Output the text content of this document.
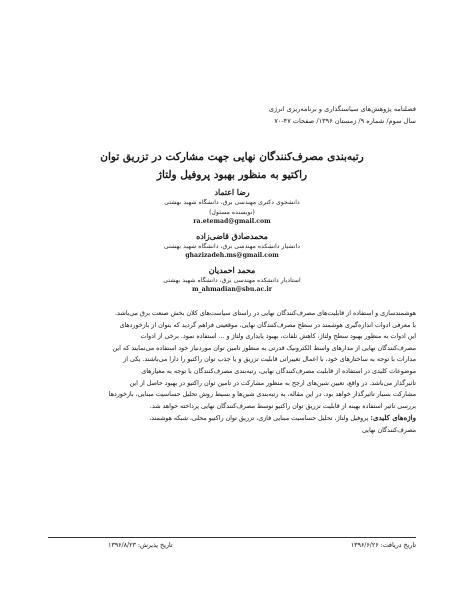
فصلنامه پژوهش‌های سیاستگذاری و برنامه‌ریزی انرژی
سال سوم/ شماره ۹/ زمستان ۱۳۹۶/ صفحات ۴۷-۷۰
رتبه‌بندی مصرف‌کنندگان نهایی جهت مشارکت در تزریق توان
راکتیو به منظور بهبود پروفیل ولتاژ
رضا اعتماد
دانشجوی دکتری مهندسی برق، دانشگاه شهید بهشتی
(نویسنده مسئول)
ra.etemad@gmail.com
محمدصادق قاضی‌زاده
دانشیار دانشکده مهندسی برق، دانشگاه شهید بهشتی
ghazizadeh.ms@gmail.com
محمد احمدیان
استادیار دانشکده مهندسی برق، دانشگاه شهید بهشتی
m_ahmadian@sbu.ac.ir
هوشمندسازی و استفاده از قابلیت‌های مصرف‌کنندگان نهایی در راستای سیاست‌های کلان بخش صنعت برق می‌باشد.
با معرفی ادوات اندازه‌گیری هوشمند در سطح مصرف‌کنندگان نهایی، موقعیتی فراهم گردید که بتوان از بازخوردهای
این ادوات به منظور بهبود سطح ولتاژ، کاهش تلفات، بهبود پایداری ولتاژ و ... استفاده نمود. برخی از ادوات
مصرف‌کنندگان نهایی از مدارهای واسط الکترونیک قدرتی به منظور تامین توان موردنیاز خود استفاده می‌نمایند که این
مدارات با توجه به ساختارهای خود، با اعمال تغییراتی قابلیت تزریق و یا جذب توان راکتیو را دارا می‌باشند. یکی از
موضوعات کلیدی در استفاده از قابلیت مصرف‌کنندگان نهایی، رتبه‌بندی مصرف‌کنندگان با توجه به معیارهای
تاثیرگذار می‌باشد. در واقع، تعیین شین‌های ارجح به منظور مشارکت در تامین توان راکتیو در بهبود حاصل از این
مشارکت بسیار تاثیرگذار خواهد بود. در این مقاله، به رتبه‌بندی شین‌ها و بسیط روش تحلیل حساسیت مبنایی، بازخوردها
بررسی تاثیر استفاده بهینه از قابلیت تزریق توان راکتیو توسط مصرف‌کنندگان نهایی پرداخته خواهد شد.
واژه‌های کلیدی: پروفیل ولتاژ، تحلیل حساسیت مبنایی فازی، تزریق توان راکتیو محلی، شبکه هوشمند،
مصرف‌کنندگان نهایی
تاریخ دریافت: ۱۳۹۶/۶/۲۶
تاریخ پذیرش: ۱۳۹۶/۸/۲۳
